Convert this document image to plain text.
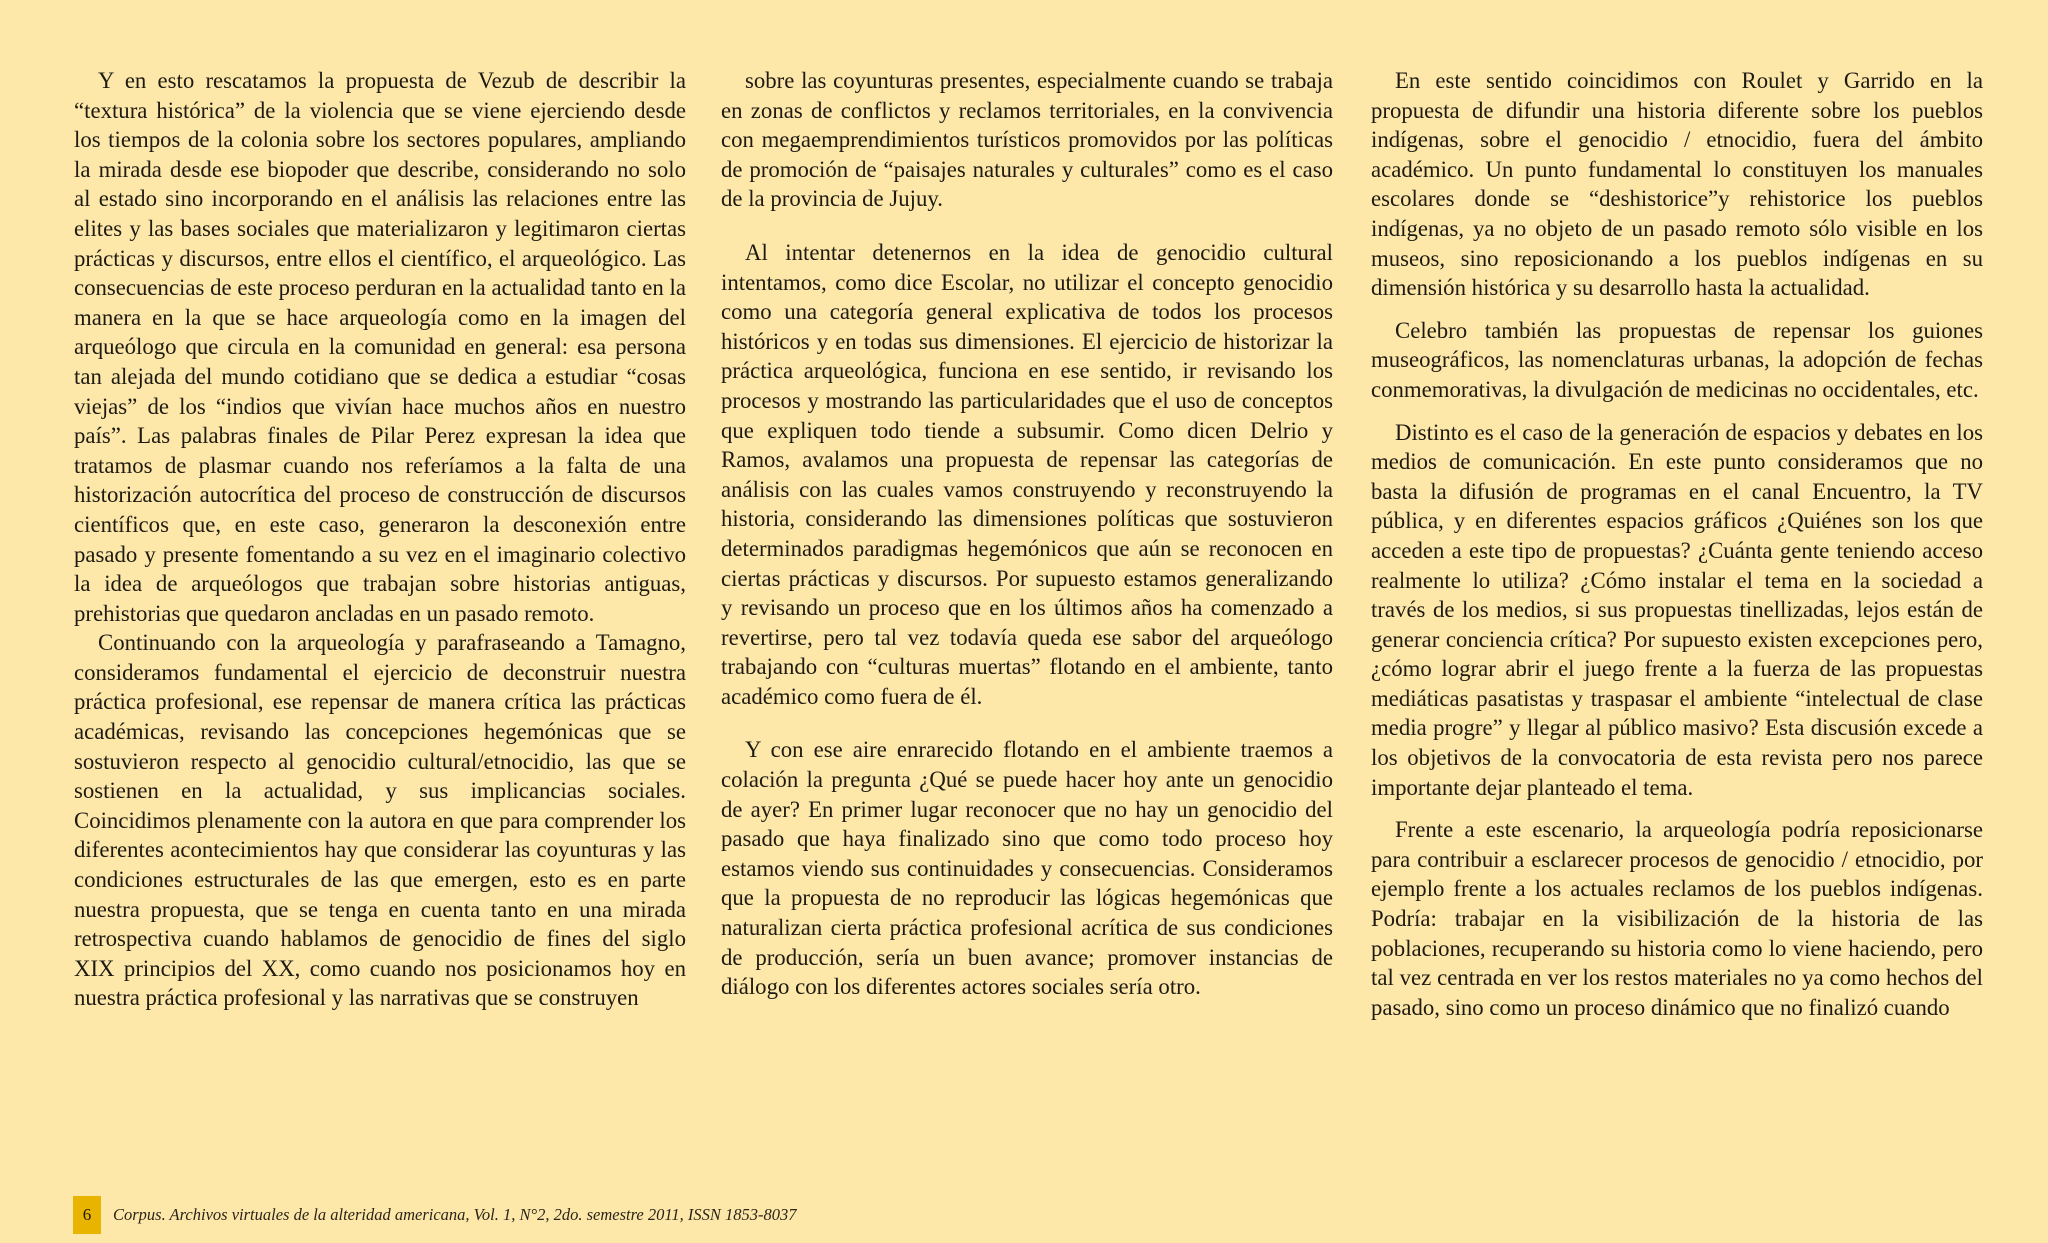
Y en esto rescatamos la propuesta de Vezub de describir la “textura histórica” de la violencia que se viene ejerciendo desde los tiempos de la colonia sobre los sectores populares, ampliando la mirada desde ese biopoder que describe, considerando no solo al estado sino incorporando en el análisis las relaciones entre las elites y las bases sociales que materializaron y legitimaron ciertas prácticas y discursos, entre ellos el científico, el arqueológico. Las consecuencias de este proceso perduran en la actualidad tanto en la manera en la que se hace arqueología como en la imagen del arqueólogo que circula en la comunidad en general: esa persona tan alejada del mundo cotidiano que se dedica a estudiar “cosas viejas” de los “indios que vivían hace muchos años en nuestro país”. Las palabras finales de Pilar Perez expresan la idea que tratamos de plasmar cuando nos referíamos a la falta de una historización autocrítica del proceso de construcción de discursos científicos que, en este caso, generaron la desconexión entre pasado y presente fomentando a su vez en el imaginario colectivo la idea de arqueólogos que trabajan sobre historias antiguas, prehistorias que quedaron ancladas en un pasado remoto.

Continuando con la arqueología y parafraseando a Tamagno, consideramos fundamental el ejercicio de deconstruir nuestra práctica profesional, ese repensar de manera crítica las prácticas académicas, revisando las concepciones hegemónicas que se sostuvieron respecto al genocidio cultural/etnocidio, las que se sostienen en la actualidad, y sus implicancias sociales. Coincidimos plenamente con la autora en que para comprender los diferentes acontecimientos hay que considerar las coyunturas y las condiciones estructurales de las que emergen, esto es en parte nuestra propuesta, que se tenga en cuenta tanto en una mirada retrospectiva cuando hablamos de genocidio de fines del siglo XIX principios del XX, como cuando nos posicionamos hoy en nuestra práctica profesional y las narrativas que se construyen

sobre las coyunturas presentes, especialmente cuando se trabaja en zonas de conflictos y reclamos territoriales, en la convivencia con megaemprendimientos turísticos promovidos por las políticas de promoción de “paisajes naturales y culturales” como es el caso de la provincia de Jujuy.

Al intentar detenernos en la idea de genocidio cultural intentamos, como dice Escolar, no utilizar el concepto genocidio como una categoría general explicativa de todos los procesos históricos y en todas sus dimensiones. El ejercicio de historizar la práctica arqueológica, funciona en ese sentido, ir revisando los procesos y mostrando las particularidades que el uso de conceptos que expliquen todo tiende a subsumir. Como dicen Delrio y Ramos, avalamos una propuesta de repensar las categorías de análisis con las cuales vamos construyendo y reconstruyendo la historia, considerando las dimensiones políticas que sostuvieron determinados paradigmas hegemónicos que aún se reconocen en ciertas prácticas y discursos. Por supuesto estamos generalizando y revisando un proceso que en los últimos años ha comenzado a revertirse, pero tal vez todavía queda ese sabor del arqueólogo trabajando con “culturas muertas” flotando en el ambiente, tanto académico como fuera de él.

Y con ese aire enrarecido flotando en el ambiente traemos a colación la pregunta ¿Qué se puede hacer hoy ante un genocidio de ayer? En primer lugar reconocer que no hay un genocidio del pasado que haya finalizado sino que como todo proceso hoy estamos viendo sus continuidades y consecuencias. Consideramos que la propuesta de no reproducir las lógicas hegemónicas que naturalizan cierta práctica profesional acrítica de sus condiciones de producción, sería un buen avance; promover instancias de diálogo con los diferentes actores sociales sería otro.

En este sentido coincidimos con Roulet y Garrido en la propuesta de difundir una historia diferente sobre los pueblos indígenas, sobre el genocidio / etnocidio, fuera del ámbito académico. Un punto fundamental lo constituyen los manuales escolares donde se “deshistorice”y rehistorice los pueblos indígenas, ya no objeto de un pasado remoto sólo visible en los museos, sino reposicionando a los pueblos indígenas en su dimensión histórica y su desarrollo hasta la actualidad.

Celebro también las propuestas de repensar los guiones museográficos, las nomenclaturas urbanas, la adopción de fechas conmemorativas, la divulgación de medicinas no occidentales, etc.

Distinto es el caso de la generación de espacios y debates en los medios de comunicación. En este punto consideramos que no basta la difusión de programas en el canal Encuentro, la TV pública, y en diferentes espacios gráficos ¿Quiénes son los que acceden a este tipo de propuestas? ¿Cuánta gente teniendo acceso realmente lo utiliza? ¿Cómo instalar el tema en la sociedad a través de los medios, si sus propuestas tinellizadas, lejos están de generar conciencia crítica? Por supuesto existen excepciones pero, ¿cómo lograr abrir el juego frente a la fuerza de las propuestas mediáticas pasatistas y traspasar el ambiente “intelectual de clase media progre” y llegar al público masivo? Esta discusión excede a los objetivos de la convocatoria de esta revista pero nos parece importante dejar planteado el tema.

Frente a este escenario, la arqueología podría reposicionarse para contribuir a esclarecer procesos de genocidio / etnocidio, por ejemplo frente a los actuales reclamos de los pueblos indígenas. Podría: trabajar en la visibilización de la historia de las poblaciones, recuperando su historia como lo viene haciendo, pero tal vez centrada en ver los restos materiales no ya como hechos del pasado, sino como un proceso dinámico que no finalizó cuando

6	Corpus. Archivos virtuales de la alteridad americana, Vol. 1, N°2, 2do. semestre 2011, ISSN 1853-8037
